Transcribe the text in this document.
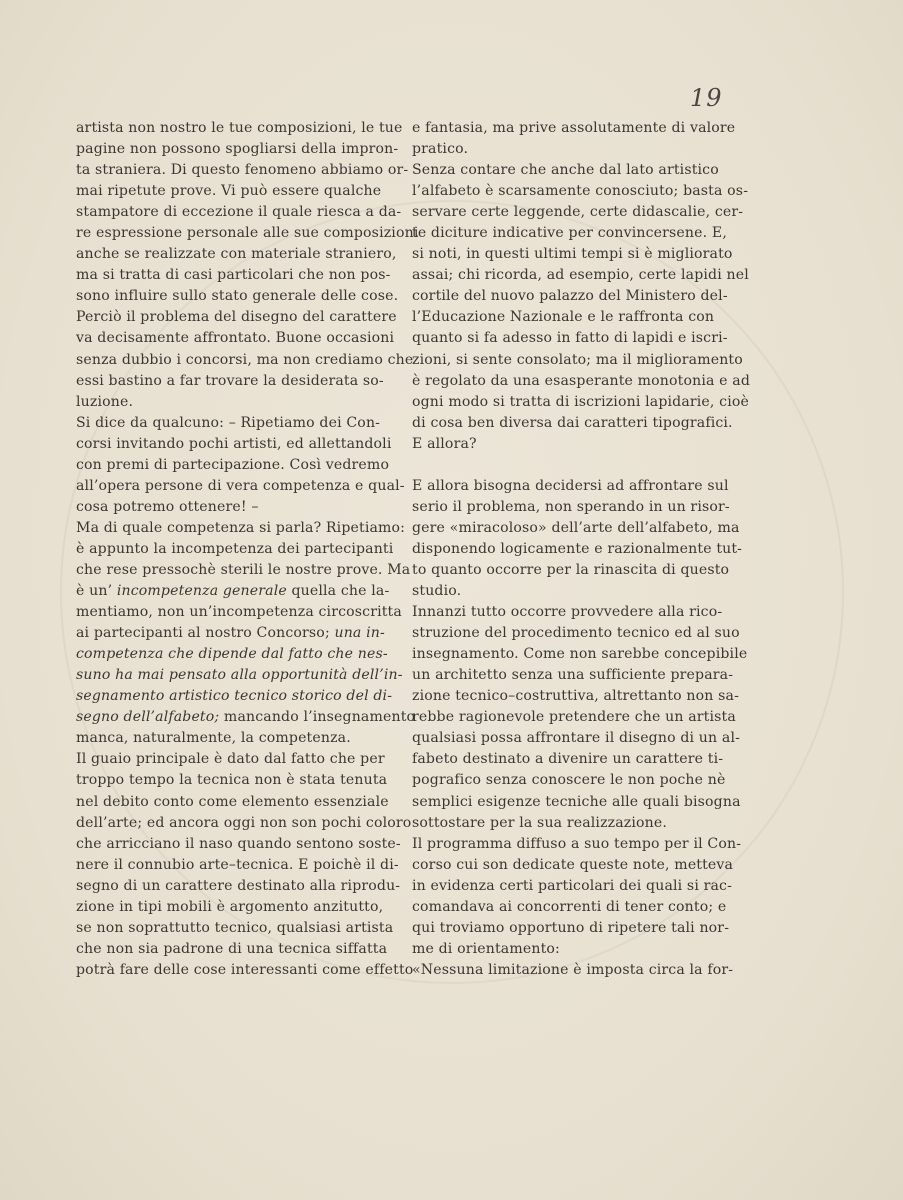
19
artista non nostro le tue composizioni, le tue
pagine non possono spogliarsi della impron-
ta straniera. Di questo fenomeno abbiamo or-
mai ripetute prove. Vi può essere qualche
stampatore di eccezione il quale riesca a da-
re espressione personale alle sue composizioni
anche se realizzate con materiale straniero,
ma si tratta di casi particolari che non pos-
sono influire sullo stato generale delle cose.
Perciò il problema del disegno del carattere
va decisamente affrontato. Buone occasioni
senza dubbio i concorsi, ma non crediamo che
essi bastino a far trovare la desiderata so-
luzione.
Si dice da qualcuno: – Ripetiamo dei Con-
corsi invitando pochi artisti, ed allettandoli
con premi di partecipazione. Così vedremo
all’opera persone di vera competenza e qual-
cosa potremo ottenere! –
Ma di quale competenza si parla? Ripetiamo:
è appunto la incompetenza dei partecipanti
che rese pressochè sterili le nostre prove. Ma
è un’ incompetenza generale quella che la-
mentiamo, non un’incompetenza circoscritta
ai partecipanti al nostro Concorso; una in-
competenza che dipende dal fatto che nes-
suno ha mai pensato alla opportunità dell’in-
segnamento artistico tecnico storico del di-
segno dell’alfabeto; mancando l’insegnamento
manca, naturalmente, la competenza.
Il guaio principale è dato dal fatto che per
troppo tempo la tecnica non è stata tenuta
nel debito conto come elemento essenziale
dell’arte; ed ancora oggi non son pochi coloro
che arricciano il naso quando sentono soste-
nere il connubio arte–tecnica. E poichè il di-
segno di un carattere destinato alla riprodu-
zione in tipi mobili è argomento anzitutto,
se non soprattutto tecnico, qualsiasi artista
che non sia padrone di una tecnica siffatta
potrà fare delle cose interessanti come effetto
e fantasia, ma prive assolutamente di valore
pratico.
Senza contare che anche dal lato artistico
l’alfabeto è scarsamente conosciuto; basta os-
servare certe leggende, certe didascalie, cer-
te diciture indicative per convincersene. E,
si noti, in questi ultimi tempi si è migliorato
assai; chi ricorda, ad esempio, certe lapidi nel
cortile del nuovo palazzo del Ministero del-
l’Educazione Nazionale e le raffronta con
quanto si fa adesso in fatto di lapidi e iscri-
zioni, si sente consolato; ma il miglioramento
è regolato da una esasperante monotonia e ad
ogni modo si tratta di iscrizioni lapidarie, cioè
di cosa ben diversa dai caratteri tipografici.
E allora?
E allora bisogna decidersi ad affrontare sul
serio il problema, non sperando in un risor-
gere «miracoloso» dell’arte dell’alfabeto, ma
disponendo logicamente e razionalmente tut-
to quanto occorre per la rinascita di questo
studio.
Innanzi tutto occorre provvedere alla rico-
struzione del procedimento tecnico ed al suo
insegnamento. Come non sarebbe concepibile
un architetto senza una sufficiente prepara-
zione tecnico–costruttiva, altrettanto non sa-
rebbe ragionevole pretendere che un artista
qualsiasi possa affrontare il disegno di un al-
fabeto destinato a divenire un carattere ti-
pografico senza conoscere le non poche nè
semplici esigenze tecniche alle quali bisogna
sottostare per la sua realizzazione.
Il programma diffuso a suo tempo per il Con-
corso cui son dedicate queste note, metteva
in evidenza certi particolari dei quali si rac-
comandava ai concorrenti di tener conto; e
qui troviamo opportuno di ripetere tali nor-
me di orientamento:
«Nessuna limitazione è imposta circa la for-
